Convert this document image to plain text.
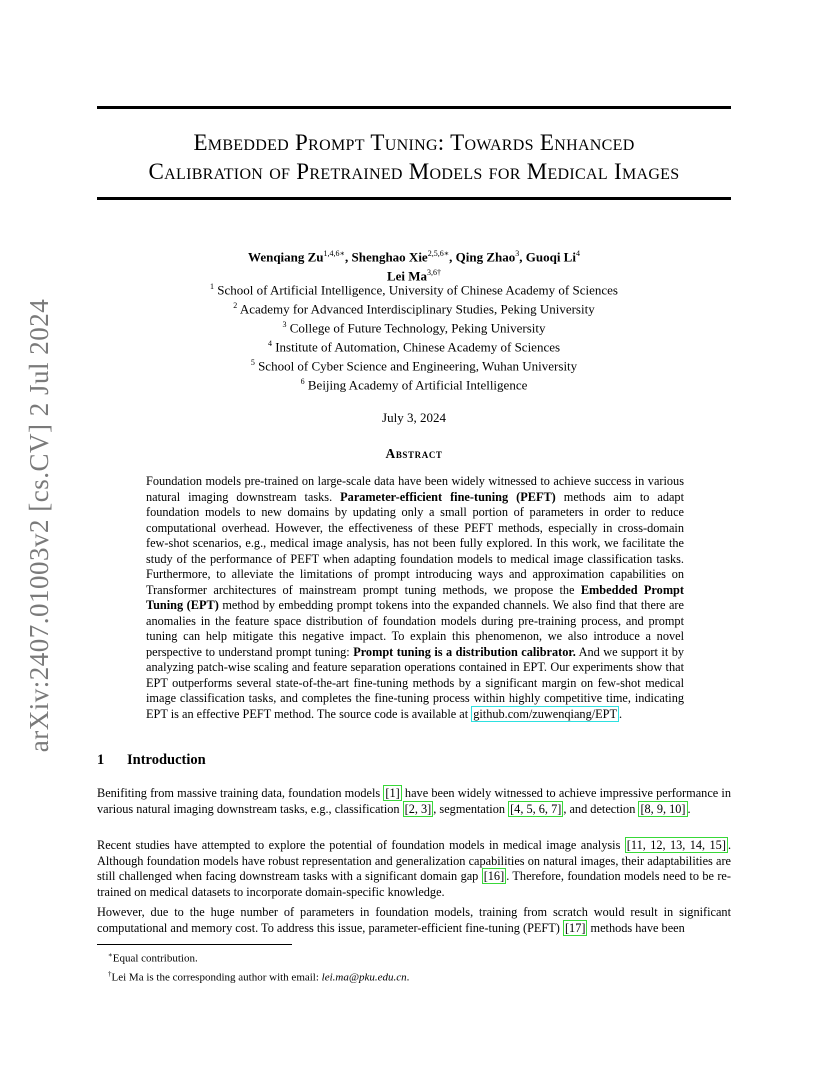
arXiv:2407.01003v2 [cs.CV] 2 Jul 2024
Embedded Prompt Tuning: Towards Enhanced
Calibration of Pretrained Models for Medical Images
Wenqiang $Zu^{1,4,6∗}$, Shenghao Xie$^{2,5,6∗}$, Qing Zhao$^3$, Guoqi Li$^4$
Lei $Ma^{3,6\dagger}$
$^1$ School of Artificial Intelligence, University of Chinese Academy of Sciences
$^2$ Academy for Advanced Interdisciplinary Studies, Peking University
$^3$ College of Future Technology, Peking University
$^4$ Institute of Automation, Chinese Academy of Sciences
$^5$ School of Cyber Science and Engineering, Wuhan University
$^6$ Beijing Academy of Artificial Intelligence
July 3, 2024
Abstract
Foundation models pre-trained on large-scale data have been widely witnessed to achieve success in various natural imaging downstream tasks. Parameter-efficient fine-tuning (PEFT) methods aim to adapt foundation models to new domains by updating only a small portion of parameters in order to reduce computational overhead. However, the effectiveness of these PEFT methods, especially in cross-domain few-shot scenarios, e.g., medical image analysis, has not been fully explored. In this work, we facilitate the study of the performance of PEFT when adapting foundation models to medical image classification tasks. Furthermore, to alleviate the limitations of prompt introducing ways and approximation capabilities on Transformer architectures of mainstream prompt tuning methods, we propose the Embedded Prompt Tuning (EPT) method by embedding prompt tokens into the expanded channels. We also find that there are anomalies in the feature space distribution of foundation models during pre-training process, and prompt tuning can help mitigate this negative impact. To explain this phenomenon, we also introduce a novel perspective to understand prompt tuning: Prompt tuning is a distribution calibrator. And we support it by analyzing patch-wise scaling and feature separation operations contained in EPT. Our experiments show that EPT outperforms several state-of-the-art fine-tuning methods by a significant margin on few-shot medical image classification tasks, and completes the fine-tuning process within highly competitive time, indicating EPT is an effective PEFT method. The source code is available at github.com/zuwenqiang/EPT .
1 Introduction
Benifiting from massive training data, foundation models [1] have been widely witnessed to achieve impressive performance in various natural imaging downstream tasks, e.g., classification [2, 3] , segmentation [4, 5, 6, 7] , and detection [8, 9, 10] .
Recent studies have attempted to explore the potential of foundation models in medical image analysis [11, 12, 13, 14, 15] . Although foundation models have robust representation and generalization capabilities on natural images, their adaptabilities are still challenged when facing downstream tasks with a significant domain gap [16] . Therefore, foundation models need to be re-trained on medical datasets to incorporate domain-specific knowledge.
However, due to the huge number of parameters in foundation models, training from scratch would result in significant computational and memory cost. To address this issue, parameter-efficient fine-tuning (PEFT) [17] methods have been
∗Equal contribution.
†Lei Ma is the corresponding author with email: lei.ma@pku.edu.cn.
